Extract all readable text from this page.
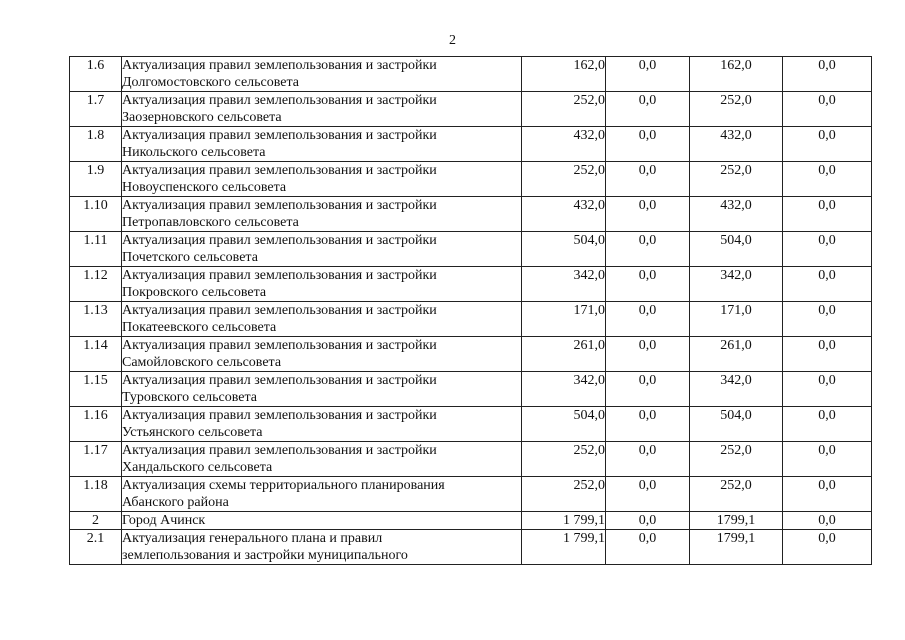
2
1.6	Актуализация правил землепользования и застройки
Долгомостовского сельсовета	162,0	0,0	162,0	0,0
1.7	Актуализация правил землепользования и застройки
Заозерновского сельсовета	252,0	0,0	252,0	0,0
1.8	Актуализация правил землепользования и застройки
Никольского сельсовета	432,0	0,0	432,0	0,0
1.9	Актуализация правил землепользования и застройки
Новоуспенского сельсовета	252,0	0,0	252,0	0,0
1.10	Актуализация правил землепользования и застройки
Петропавловского сельсовета	432,0	0,0	432,0	0,0
1.11	Актуализация правил землепользования и застройки
Почетского сельсовета	504,0	0,0	504,0	0,0
1.12	Актуализация правил землепользования и застройки
Покровского сельсовета	342,0	0,0	342,0	0,0
1.13	Актуализация правил землепользования и застройки
Покатеевского сельсовета	171,0	0,0	171,0	0,0
1.14	Актуализация правил землепользования и застройки
Самойловского сельсовета	261,0	0,0	261,0	0,0
1.15	Актуализация правил землепользования и застройки
Туровского сельсовета	342,0	0,0	342,0	0,0
1.16	Актуализация правил землепользования и застройки
Устьянского сельсовета	504,0	0,0	504,0	0,0
1.17	Актуализация правил землепользования и застройки
Хандальского сельсовета	252,0	0,0	252,0	0,0
1.18	Актуализация схемы территориального планирования
Абанского района	252,0	0,0	252,0	0,0
2	Город Ачинск	1 799,1	0,0	1799,1	0,0
2.1	Актуализация генерального плана и правил
землепользования и застройки муниципального	1 799,1	0,0	1799,1	0,0
